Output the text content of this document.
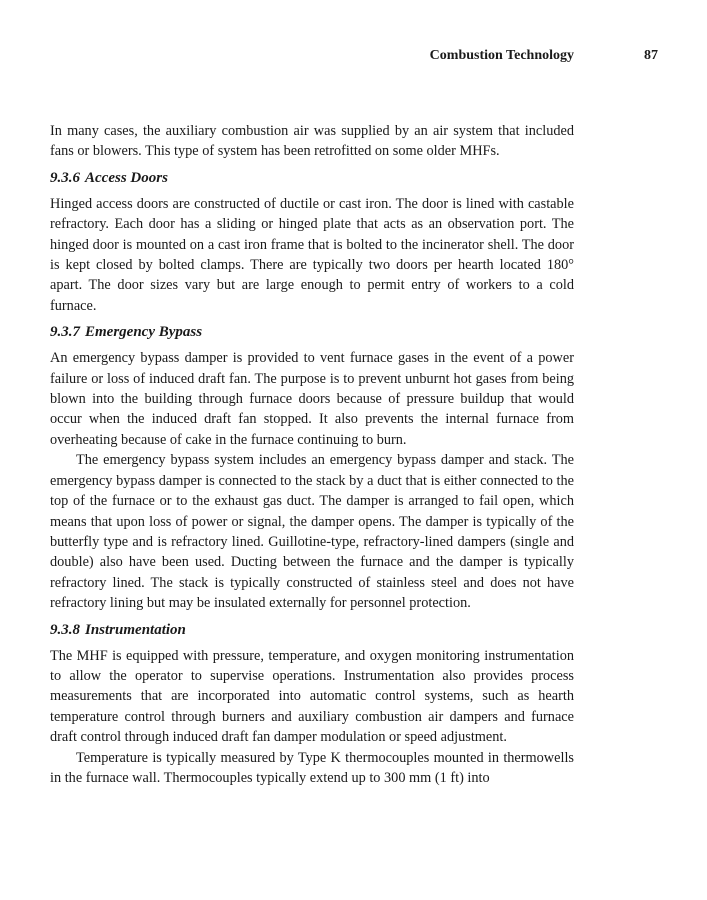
Combustion Technology	87

In many cases, the auxiliary combustion air was supplied by an air system that included fans or blowers. This type of system has been retrofitted on some older MHFs.

9.3.6 Access Doors

Hinged access doors are constructed of ductile or cast iron. The door is lined with castable refractory. Each door has a sliding or hinged plate that acts as an observation port. The hinged door is mounted on a cast iron frame that is bolted to the incinerator shell. The door is kept closed by bolted clamps. There are typically two doors per hearth located 180° apart. The door sizes vary but are large enough to permit entry of workers to a cold furnace.

9.3.7 Emergency Bypass

An emergency bypass damper is provided to vent furnace gases in the event of a power failure or loss of induced draft fan. The purpose is to prevent unburnt hot gases from being blown into the building through furnace doors because of pressure buildup that would occur when the induced draft fan stopped. It also prevents the internal furnace from overheating because of cake in the furnace continuing to burn.

The emergency bypass system includes an emergency bypass damper and stack. The emergency bypass damper is connected to the stack by a duct that is either connected to the top of the furnace or to the exhaust gas duct. The damper is arranged to fail open, which means that upon loss of power or signal, the damper opens. The damper is typically of the butterfly type and is refractory lined. Guillotine-type, refractory-lined dampers (single and double) also have been used. Ducting between the furnace and the damper is typically refractory lined. The stack is typically constructed of stainless steel and does not have refractory lining but may be insulated externally for personnel protection.

9.3.8 Instrumentation

The MHF is equipped with pressure, temperature, and oxygen monitoring instrumentation to allow the operator to supervise operations. Instrumentation also provides process measurements that are incorporated into automatic control systems, such as hearth temperature control through burners and auxiliary combustion air dampers and furnace draft control through induced draft fan damper modulation or speed adjustment.

Temperature is typically measured by Type K thermocouples mounted in thermowells in the furnace wall. Thermocouples typically extend up to 300 mm (1 ft) into
